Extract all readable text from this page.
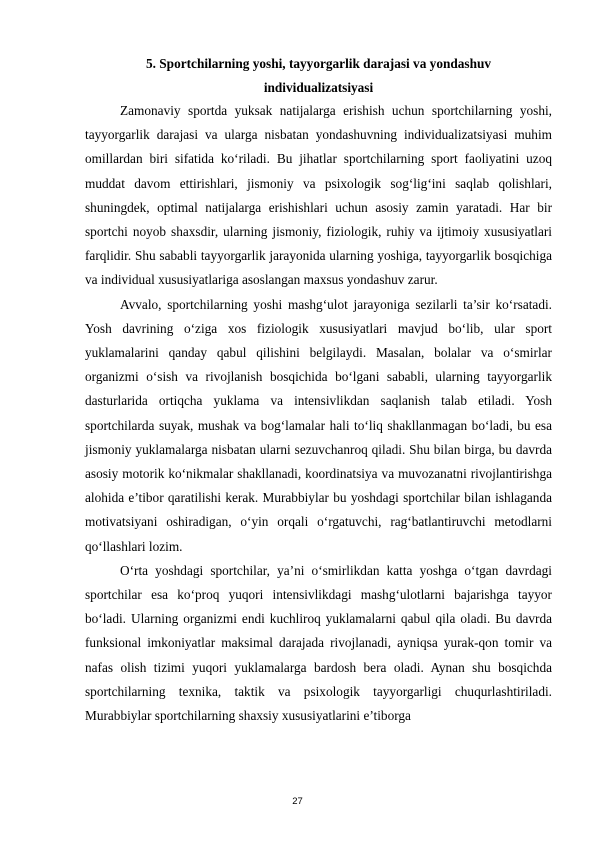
5. Sportchilarning yoshi, tayyorgarlik darajasi va yondashuv
individualizatsiyasi

Zamonaviy sportda yuksak natijalarga erishish uchun sportchilarning yoshi, tayyorgarlik darajasi va ularga nisbatan yondashuvning individualizatsiyasi muhim omillardan biri sifatida ko‘riladi. Bu jihatlar sportchilarning sport faoliyatini uzoq muddat davom ettirishlari, jismoniy va psixologik sog‘lig‘ini saqlab qolishlari, shuningdek, optimal natijalarga erishishlari uchun asosiy zamin yaratadi. Har bir sportchi noyob shaxsdir, ularning jismoniy, fiziologik, ruhiy va ijtimoiy xususiyatlari farqlidir. Shu sababli tayyorgarlik jarayonida ularning yoshiga, tayyorgarlik bosqichiga va individual xususiyatlariga asoslangan maxsus yondashuv zarur.

Avvalo, sportchilarning yoshi mashg‘ulot jarayoniga sezilarli ta’sir ko‘rsatadi. Yosh davrining o‘ziga xos fiziologik xususiyatlari mavjud bo‘lib, ular sport yuklamalarini qanday qabul qilishini belgilaydi. Masalan, bolalar va o‘smirlar organizmi o‘sish va rivojlanish bosqichida bo‘lgani sababli, ularning tayyorgarlik dasturlarida ortiqcha yuklama va intensivlikdan saqlanish talab etiladi. Yosh sportchilarda suyak, mushak va bog‘lamalar hali to‘liq shakllanmagan bo‘ladi, bu esa jismoniy yuklamalarga nisbatan ularni sezuvchanroq qiladi. Shu bilan birga, bu davrda asosiy motorik ko‘nikmalar shakllanadi, koordinatsiya va muvozanatni rivojlantirishga alohida e’tibor qaratilishi kerak. Murabbiylar bu yoshdagi sportchilar bilan ishlaganda motivatsiyani oshiradigan, o‘yin orqali o‘rgatuvchi, rag‘batlantiruvchi metodlarni qo‘llashlari lozim.

O‘rta yoshdagi sportchilar, ya’ni o‘smirlikdan katta yoshga o‘tgan davrdagi sportchilar esa ko‘proq yuqori intensivlikdagi mashg‘ulotlarni bajarishga tayyor bo‘ladi. Ularning organizmi endi kuchliroq yuklamalarni qabul qila oladi. Bu davrda funksional imkoniyatlar maksimal darajada rivojlanadi, ayniqsa yurak-qon tomir va nafas olish tizimi yuqori yuklamalarga bardosh bera oladi. Aynan shu bosqichda sportchilarning texnika, taktik va psixologik tayyorgarligi chuqurlashtiriladi. Murabbiylar sportchilarning shaxsiy xususiyatlarini e’tiborga

27
